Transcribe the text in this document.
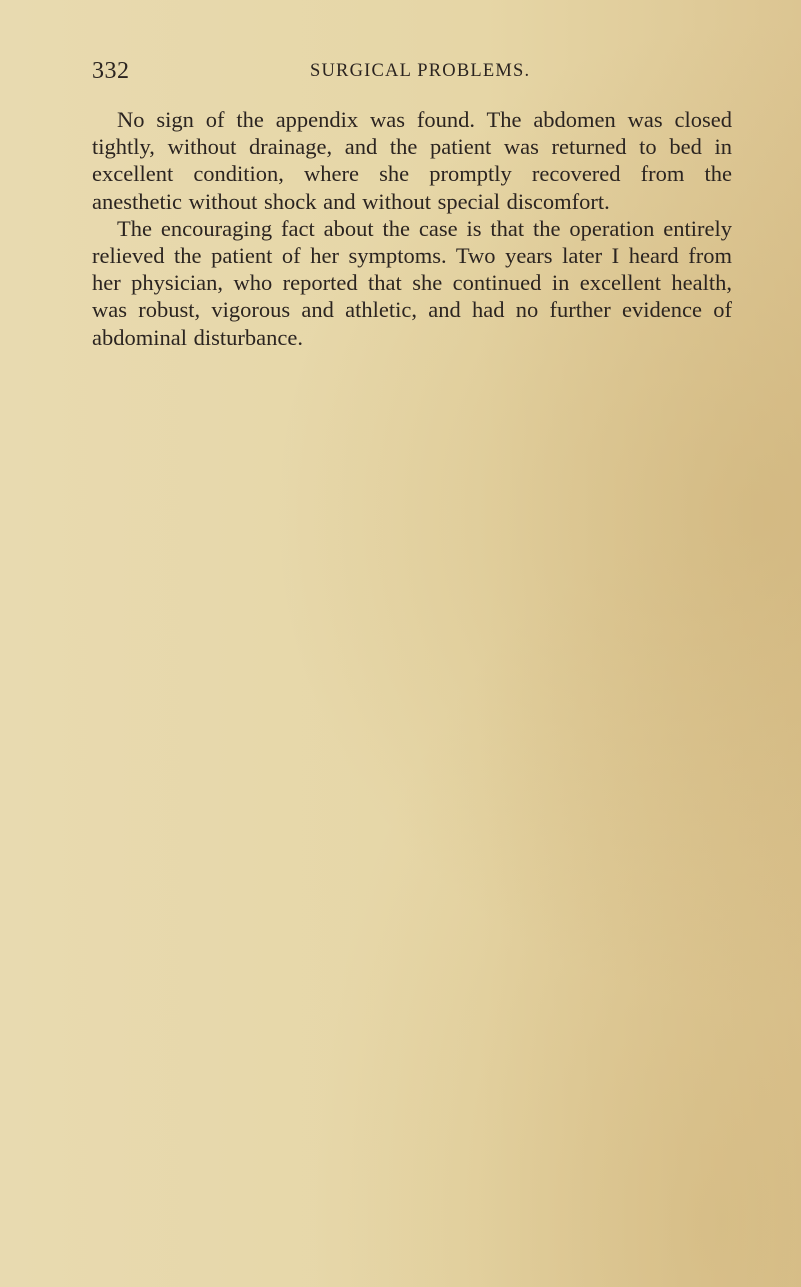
332	SURGICAL PROBLEMS.

No sign of the appendix was found. The abdomen was closed tightly, without drainage, and the patient was returned to bed in excellent condition, where she promptly recovered from the anesthetic without shock and without special discomfort.

The encouraging fact about the case is that the operation entirely relieved the patient of her symptoms. Two years later I heard from her physician, who reported that she continued in excellent health, was robust, vigorous and athletic, and had no further evidence of abdominal disturbance.
